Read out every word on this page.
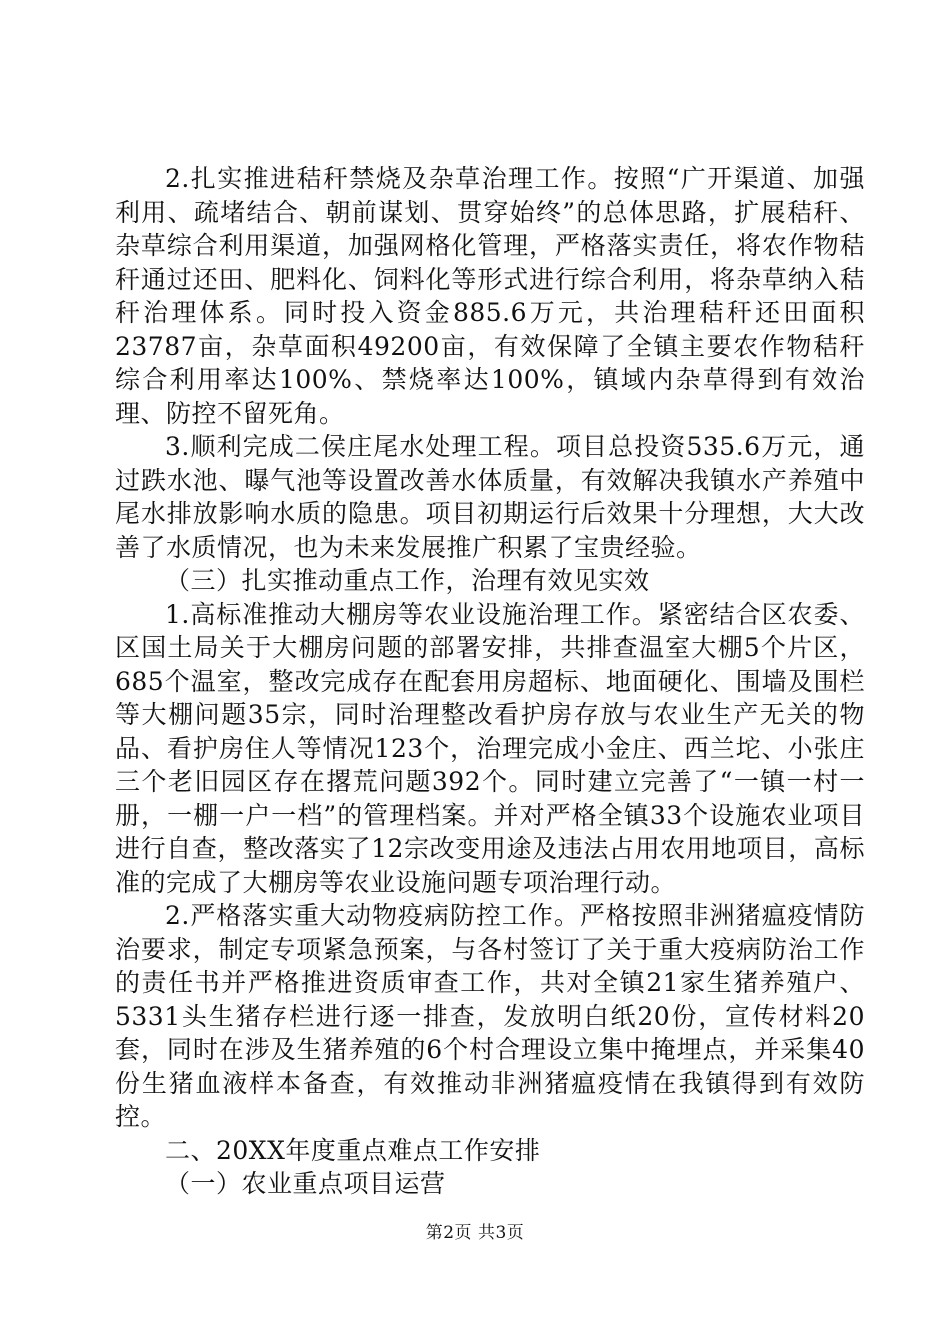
2.扎实推进秸秆禁烧及杂草治理工作。按照“广开渠道、加强利用、疏堵结合、朝前谋划、贯穿始终”的总体思路，扩展秸秆、杂草综合利用渠道，加强网格化管理，严格落实责任，将农作物秸秆通过还田、肥料化、饲料化等形式进行综合利用，将杂草纳入秸秆治理体系。同时投入资金885.6万元，共治理秸秆还田面积23787亩，杂草面积49200亩，有效保障了全镇主要农作物秸秆综合利用率达100%、禁烧率达100%，镇域内杂草得到有效治理、防控不留死角。

3.顺利完成二侯庄尾水处理工程。项目总投资535.6万元，通过跌水池、曝气池等设置改善水体质量，有效解决我镇水产养殖中尾水排放影响水质的隐患。项目初期运行后效果十分理想，大大改善了水质情况，也为未来发展推广积累了宝贵经验。

（三）扎实推动重点工作，治理有效见实效

1.高标准推动大棚房等农业设施治理工作。紧密结合区农委、区国土局关于大棚房问题的部署安排，共排查温室大棚5个片区，685个温室，整改完成存在配套用房超标、地面硬化、围墙及围栏等大棚问题35宗，同时治理整改看护房存放与农业生产无关的物品、看护房住人等情况123个，治理完成小金庄、西兰坨、小张庄三个老旧园区存在撂荒问题392个。同时建立完善了“一镇一村一册，一棚一户一档”的管理档案。并对严格全镇33个设施农业项目进行自查，整改落实了12宗改变用途及违法占用农用地项目，高标准的完成了大棚房等农业设施问题专项治理行动。

2.严格落实重大动物疫病防控工作。严格按照非洲猪瘟疫情防治要求，制定专项紧急预案，与各村签订了关于重大疫病防治工作的责任书并严格推进资质审查工作，共对全镇21家生猪养殖户、5331头生猪存栏进行逐一排查，发放明白纸20份，宣传材料20套，同时在涉及生猪养殖的6个村合理设立集中掩埋点，并采集40份生猪血液样本备查，有效推动非洲猪瘟疫情在我镇得到有效防控。

二、20XX年度重点难点工作安排

（一）农业重点项目运营

第2页 共3页
